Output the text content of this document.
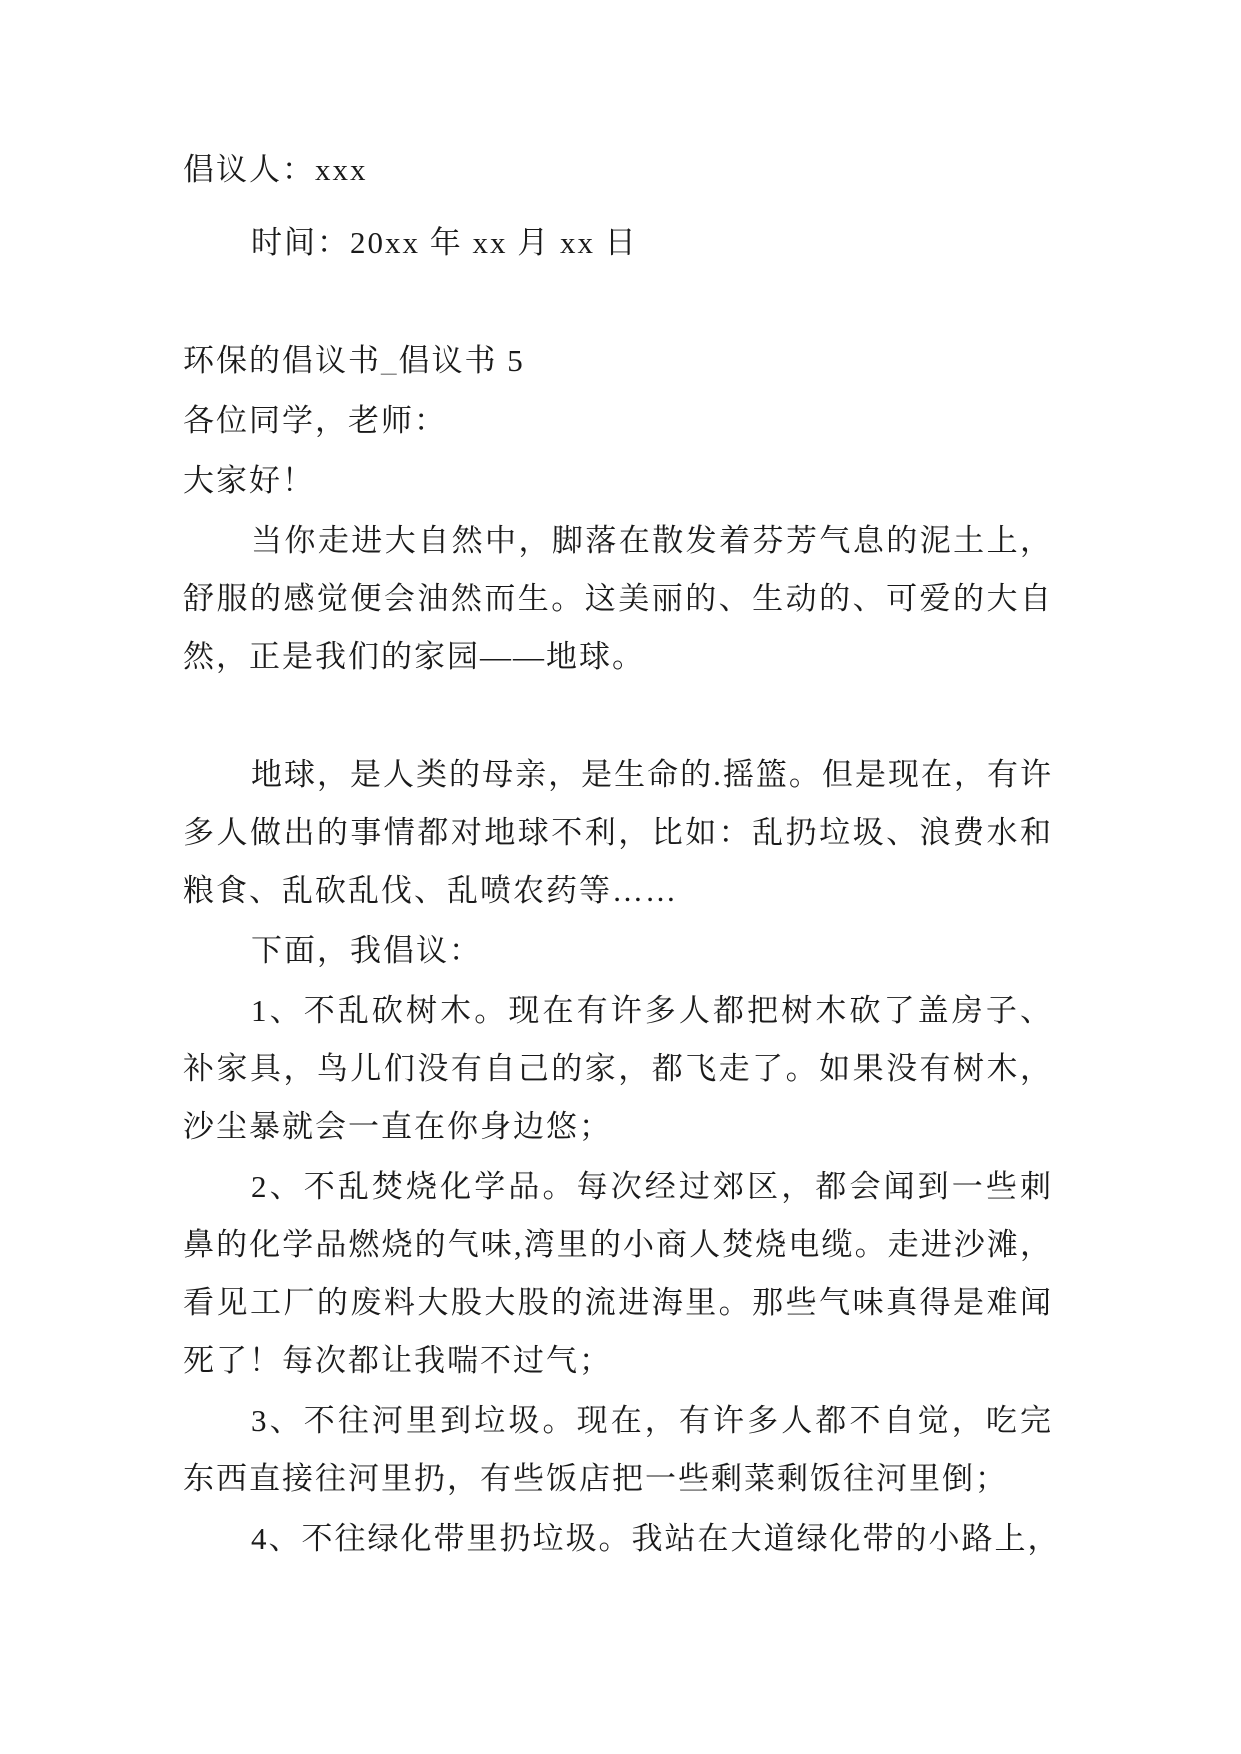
倡议人：xxx
时间：20xx 年 xx 月 xx 日
环保的倡议书_倡议书 5
各位同学，老师：
大家好！
当你走进大自然中，脚落在散发着芬芳气息的泥土上，舒服的感觉便会油然而生。这美丽的、生动的、可爱的大自然，正是我们的家园——地球。
地球，是人类的母亲，是生命的.摇篮。但是现在，有许多人做出的事情都对地球不利，比如：乱扔垃圾、浪费水和粮食、乱砍乱伐、乱喷农药等……
下面，我倡议：
1、不乱砍树木。现在有许多人都把树木砍了盖房子、补家具，鸟儿们没有自己的家，都飞走了。如果没有树木，沙尘暴就会一直在你身边悠；
2、不乱焚烧化学品。每次经过郊区，都会闻到一些刺鼻的化学品燃烧的气味,湾里的小商人焚烧电缆。走进沙滩，看见工厂的废料大股大股的流进海里。那些气味真得是难闻死了！每次都让我喘不过气；
3、不往河里到垃圾。现在，有许多人都不自觉，吃完东西直接往河里扔，有些饭店把一些剩菜剩饭往河里倒；
4、不往绿化带里扔垃圾。我站在大道绿化带的小路上，
